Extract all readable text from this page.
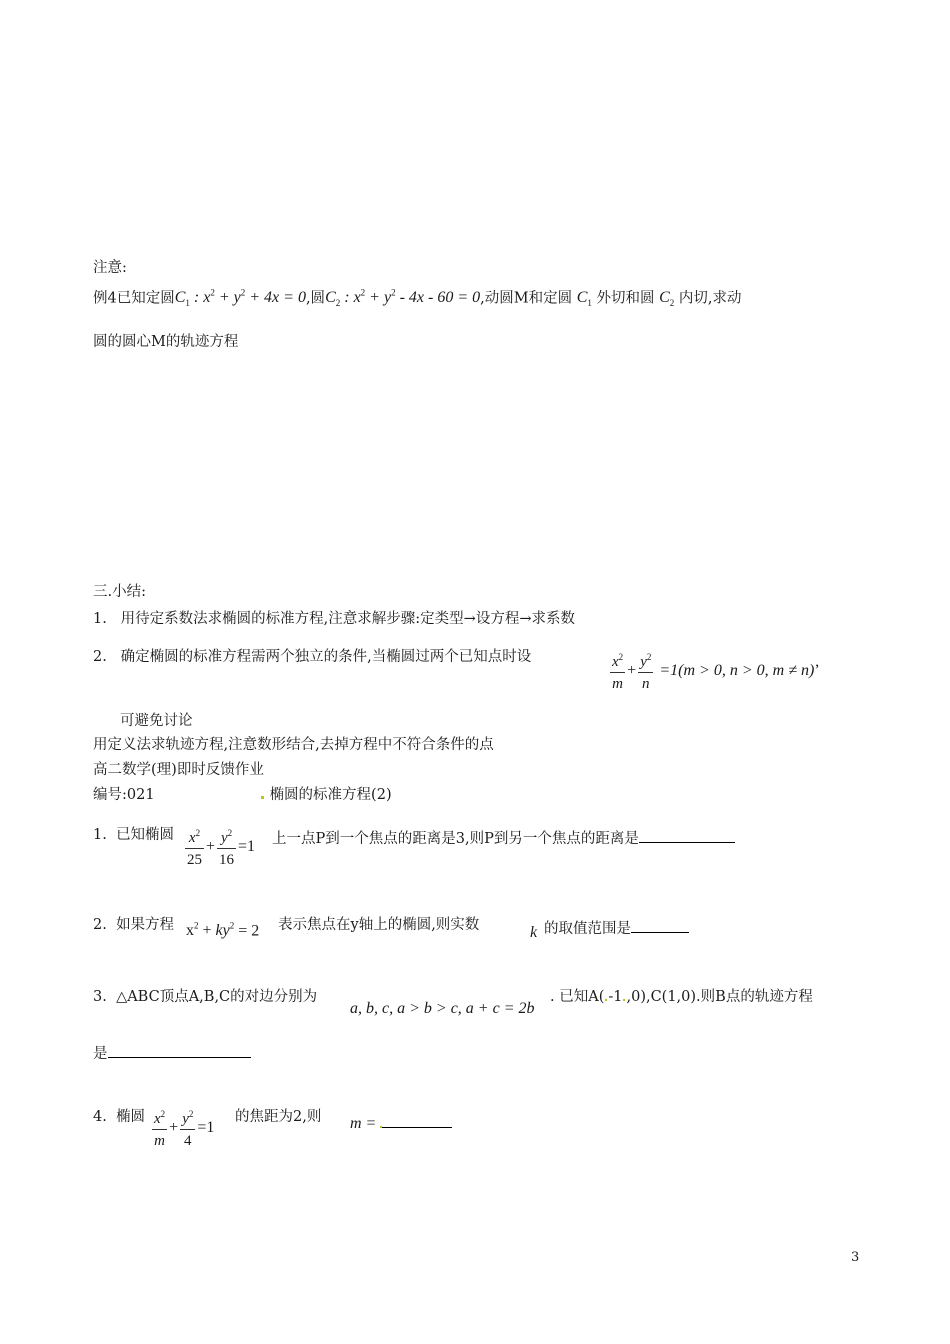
注意:
例4已知定圆$C_1$ : $x^2 + y^2 + 4x = 0$,圆$C_2$ : $x^2 + y^2 - 4x - 60 = 0$,动圆M和定圆 $C_1$ 外切和圆 $C_2$ 内切,求动
圆的圆心M的轨迹方程
三.小结:
1.   用待定系数法求椭圆的标准方程,注意求解步骤:定类型→设方程→求系数
2.   确定椭圆的标准方程需两个独立的条件,当椭圆过两个已知点时设	$\frac{x^2}{m} + \frac{y^2}{n} =1(m > 0$, n > 0, m ≠ n)’
可避免讨论
用定义法求轨迹方程,注意数形结合,去掉方程中不符合条件的点
高二数学(理)即时反馈作业
编号:021	椭圆的标准方程(2)
1.  已知椭圆 $\frac{x^2}{25} + \frac{y^2}{16} =1$ 上一点P到一个焦点的距离是3,则P到另一个焦点的距离是
2.  如果方程 $x^2 + ky^2 = 2$ 表示焦点在y轴上的椭圆,则实数	k 的取值范围是
3.  △ABC顶点A,B,C的对边分别为
a, b, c, a > b > c, a + c = 2b
. 已知A( -1 ,0),C(1,0).则B点的轨迹方程
是
4.  椭圆 $\frac{x^2}{m} + \frac{y^2}{4} =1$
的焦距为2,则 m =
3
